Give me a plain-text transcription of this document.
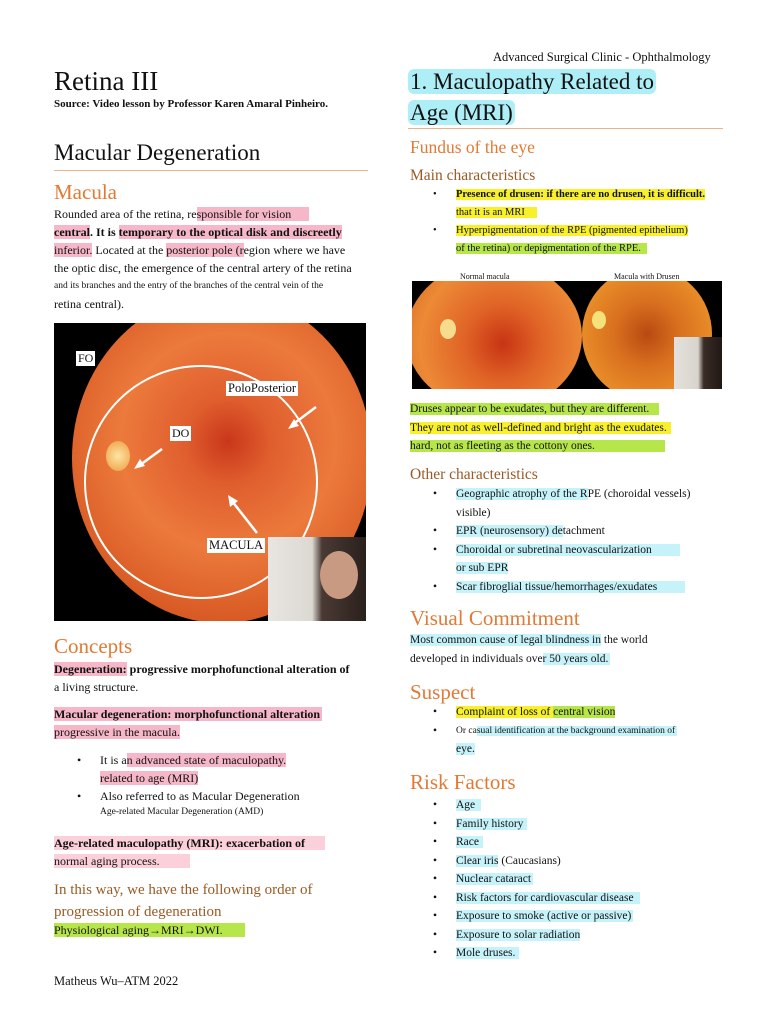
Advanced Surgical Clinic - Ophthalmology
Retina III
Source: Video lesson by Professor Karen Amaral Pinheiro.
Macular Degeneration
Macula
Rounded area of the retina, responsible for vision
central. It is temporary to the optical disk and discreetly
inferior. Located at the posterior pole (region where we have
the optic disc, the emergence of the central artery of the retina
and its branches and the entry of the branches of the central vein of the
retina central).
FO
PoloPosterior
DO
MACULA
Concepts
Degeneration: progressive morphofunctional alteration of
a living structure.
Macular degeneration: morphofunctional alteration
progressive in the macula.
• It is an advanced state of maculopathy.
related to age (MRI)
• Also referred to as Macular Degeneration
Age-related Macular Degeneration (AMD)
Age-related maculopathy (MRI): exacerbation of
normal aging process.
In this way, we have the following order of
progression of degeneration
Physiological aging→MRI→DWI.
Matheus Wu–ATM 2022
1. Maculopathy Related to
Age (MRI)
Fundus of the eye
Main characteristics
• Presence of drusen: if there are no drusen, it is difficult.
that it is an MRI
• Hyperpigmentation of the RPE (pigmented epithelium)
of the retina) or depigmentation of the RPE.
Normal macula	Macula with Drusen
Druses appear to be exudates, but they are different.
They are not as well-defined and bright as the exudates.
hard, not as fleeting as the cottony ones.
Other characteristics
• Geographic atrophy of the RPE (choroidal vessels)
visible)
• EPR (neurosensory) detachment
• Choroidal or subretinal neovascularization
or sub EPR
• Scar fibroglial tissue/hemorrhages/exudates
Visual Commitment
Most common cause of legal blindness in the world
developed in individuals over 50 years old.
Suspect
• Complaint of loss of central vision
• Or casual identification at the background examination of
eye.
Risk Factors
• Age
• Family history
• Race
• Clear iris (Caucasians)
• Nuclear cataract
• Risk factors for cardiovascular disease
• Exposure to smoke (active or passive)
• Exposure to solar radiation
• Mole druses.
